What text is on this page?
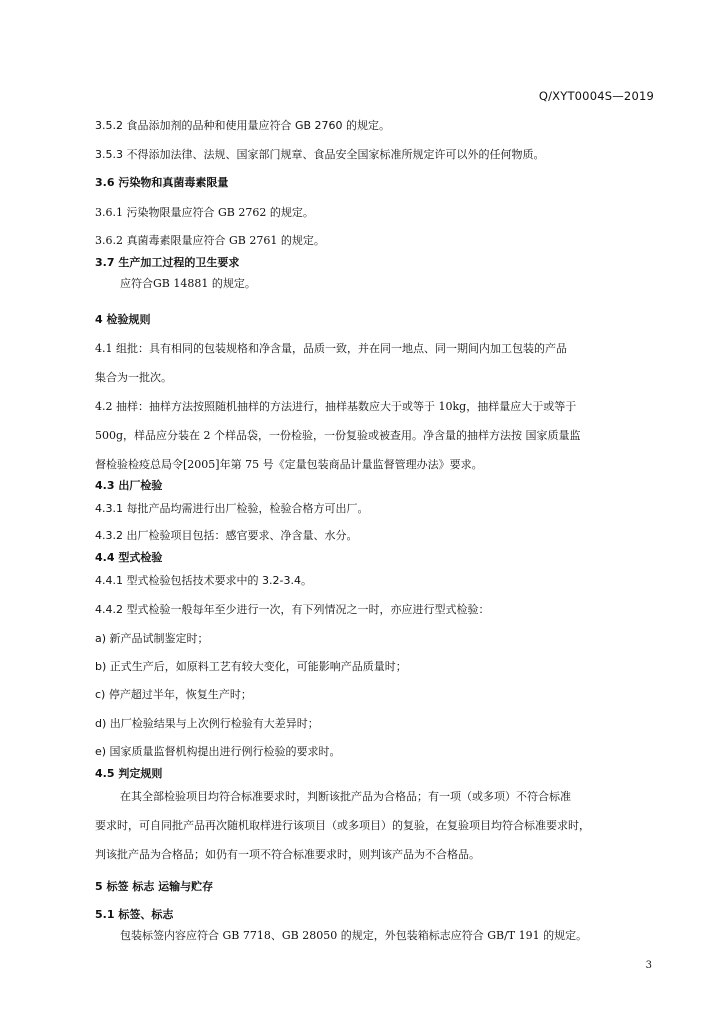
Q/XYT0004S—2019
3.5.2 食品添加剂的品种和使用量应符合 GB 2760 的规定。
3.5.3 不得添加法律、法规、国家部门规章、食品安全国家标准所规定许可以外的任何物质。
3.6 污染物和真菌毒素限量
3.6.1 污染物限量应符合 GB 2762 的规定。
3.6.2 真菌毒素限量应符合 GB 2761 的规定。
3.7 生产加工过程的卫生要求
应符合GB 14881 的规定。
4 检验规则
4.1 组批：具有相同的包装规格和净含量，品质一致，并在同一地点、同一期间内加工包装的产品
集合为一批次。
4.2 抽样：抽样方法按照随机抽样的方法进行，抽样基数应大于或等于 10kg，抽样量应大于或等于
500g，样品应分装在 2 个样品袋，一份检验，一份复验或被查用。净含量的抽样方法按 国家质量监
督检验检疫总局令[2005]年第 75 号《定量包装商品计量监督管理办法》要求。
4.3 出厂检验
4.3.1 每批产品均需进行出厂检验，检验合格方可出厂。
4.3.2 出厂检验项目包括：感官要求、净含量、水分。
4.4 型式检验
4.4.1 型式检验包括技术要求中的 3.2-3.4。
4.4.2 型式检验一般每年至少进行一次，有下列情况之一时，亦应进行型式检验：
a) 新产品试制鉴定时；
b) 正式生产后，如原料工艺有较大变化，可能影响产品质量时；
c) 停产超过半年，恢复生产时；
d) 出厂检验结果与上次例行检验有大差异时；
e) 国家质量监督机构提出进行例行检验的要求时。
4.5 判定规则
在其全部检验项目均符合标准要求时，判断该批产品为合格品；有一项（或多项）不符合标准
要求时，可自同批产品再次随机取样进行该项目（或多项目）的复验，在复验项目均符合标准要求时，
判该批产品为合格品；如仍有一项不符合标准要求时，则判该产品为不合格品。
5 标签 标志 运输与贮存
5.1 标签、标志
包装标签内容应符合 GB 7718、GB 28050 的规定，外包装箱标志应符合 GB/T 191 的规定。
3
